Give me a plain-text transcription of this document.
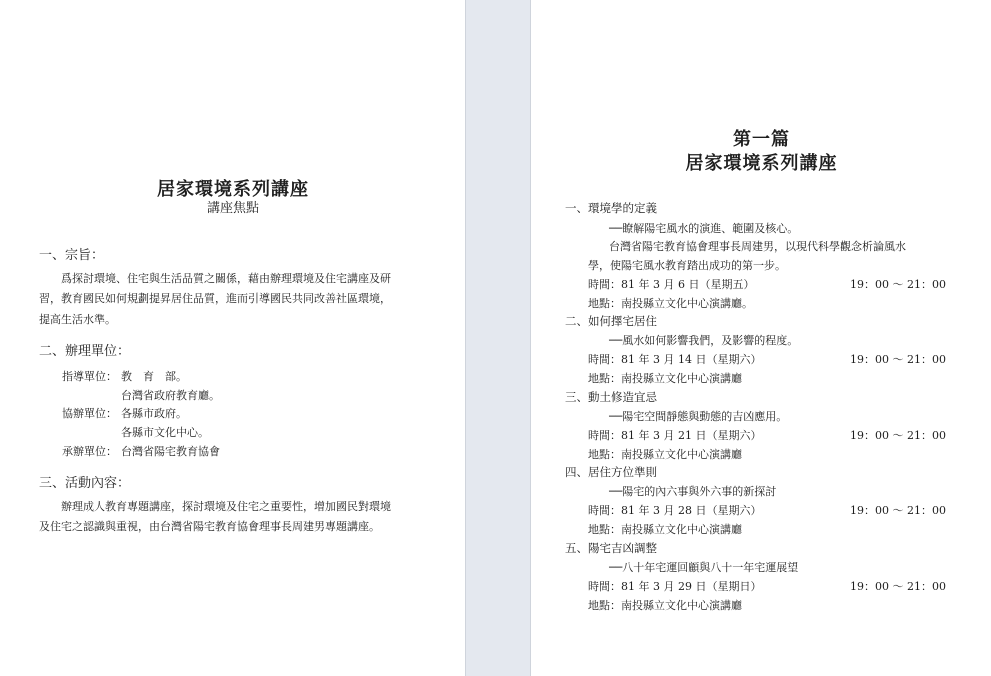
居家環境系列講座
講座焦點
一、宗旨：
爲探討環境、住宅與生活品質之關係，藉由辦理環境及住宅講座及研
習，教育國民如何規劃提昇居住品質，進而引導國民共同改善社區環境，
提高生活水準。
二、辦理單位：
指導單位： 教　育　部。
台灣省政府教育廳。
協辦單位： 各縣市政府。
各縣市文化中心。
承辦單位： 台灣省陽宅教育協會
三、活動內容：
辦理成人教育專題講座，探討環境及住宅之重要性，增加國民對環境
及住宅之認識與重視，由台灣省陽宅教育協會理事長周建男專題講座。
第一篇
居家環境系列講座
一、環境學的定義
──瞭解陽宅風水的演進、範圍及核心。
台灣省陽宅教育協會理事長周建男，以現代科學觀念析論風水
學，使陽宅風水教育踏出成功的第一步。
時間：81 年 3 月 6 日（星期五）	19：00 ～ 21：00
地點：南投縣立文化中心演講廳。
二、如何擇宅居住
──風水如何影響我們，及影響的程度。
時間：81 年 3 月 14 日（星期六）	19：00 ～ 21：00
地點：南投縣立文化中心演講廳
三、動土修造宜忌
──陽宅空間靜態與動態的吉凶應用。
時間：81 年 3 月 21 日（星期六）	19：00 ～ 21：00
地點：南投縣立文化中心演講廳
四、居住方位準則
──陽宅的內六事與外六事的新探討
時間：81 年 3 月 28 日（星期六）	19：00 ～ 21：00
地點：南投縣立文化中心演講廳
五、陽宅吉凶調整
──八十年宅運回顧與八十一年宅運展望
時間：81 年 3 月 29 日（星期日）	19：00 ～ 21：00
地點：南投縣立文化中心演講廳
